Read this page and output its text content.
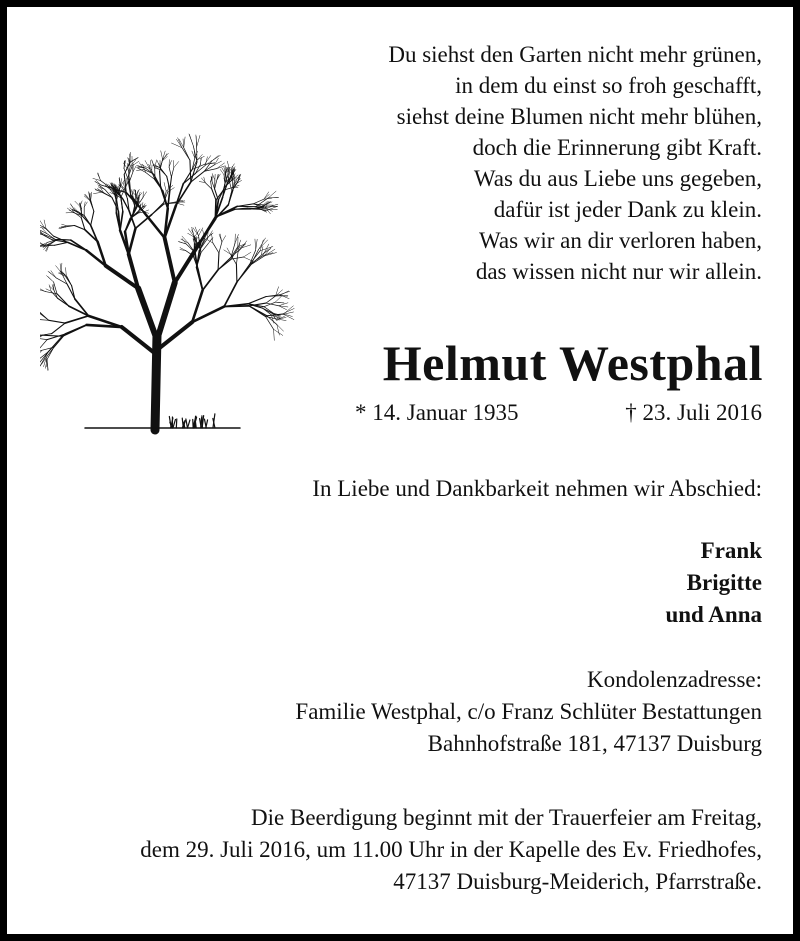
Du siehst den Garten nicht mehr grünen,
in dem du einst so froh geschafft,
siehst deine Blumen nicht mehr blühen,
doch die Erinnerung gibt Kraft.
Was du aus Liebe uns gegeben,
dafür ist jeder Dank zu klein.
Was wir an dir verloren haben,
das wissen nicht nur wir allein.
Helmut Westphal
* 14. Januar 1935	† 23. Juli 2016
In Liebe und Dankbarkeit nehmen wir Abschied:
Frank
Brigitte
und Anna
Kondolenzadresse:
Familie Westphal, c/o Franz Schlüter Bestattungen
Bahnhofstraße 181, 47137 Duisburg
Die Beerdigung beginnt mit der Trauerfeier am Freitag,
dem 29. Juli 2016, um 11.00 Uhr in der Kapelle des Ev. Friedhofes,
47137 Duisburg-Meiderich, Pfarrstraße.
